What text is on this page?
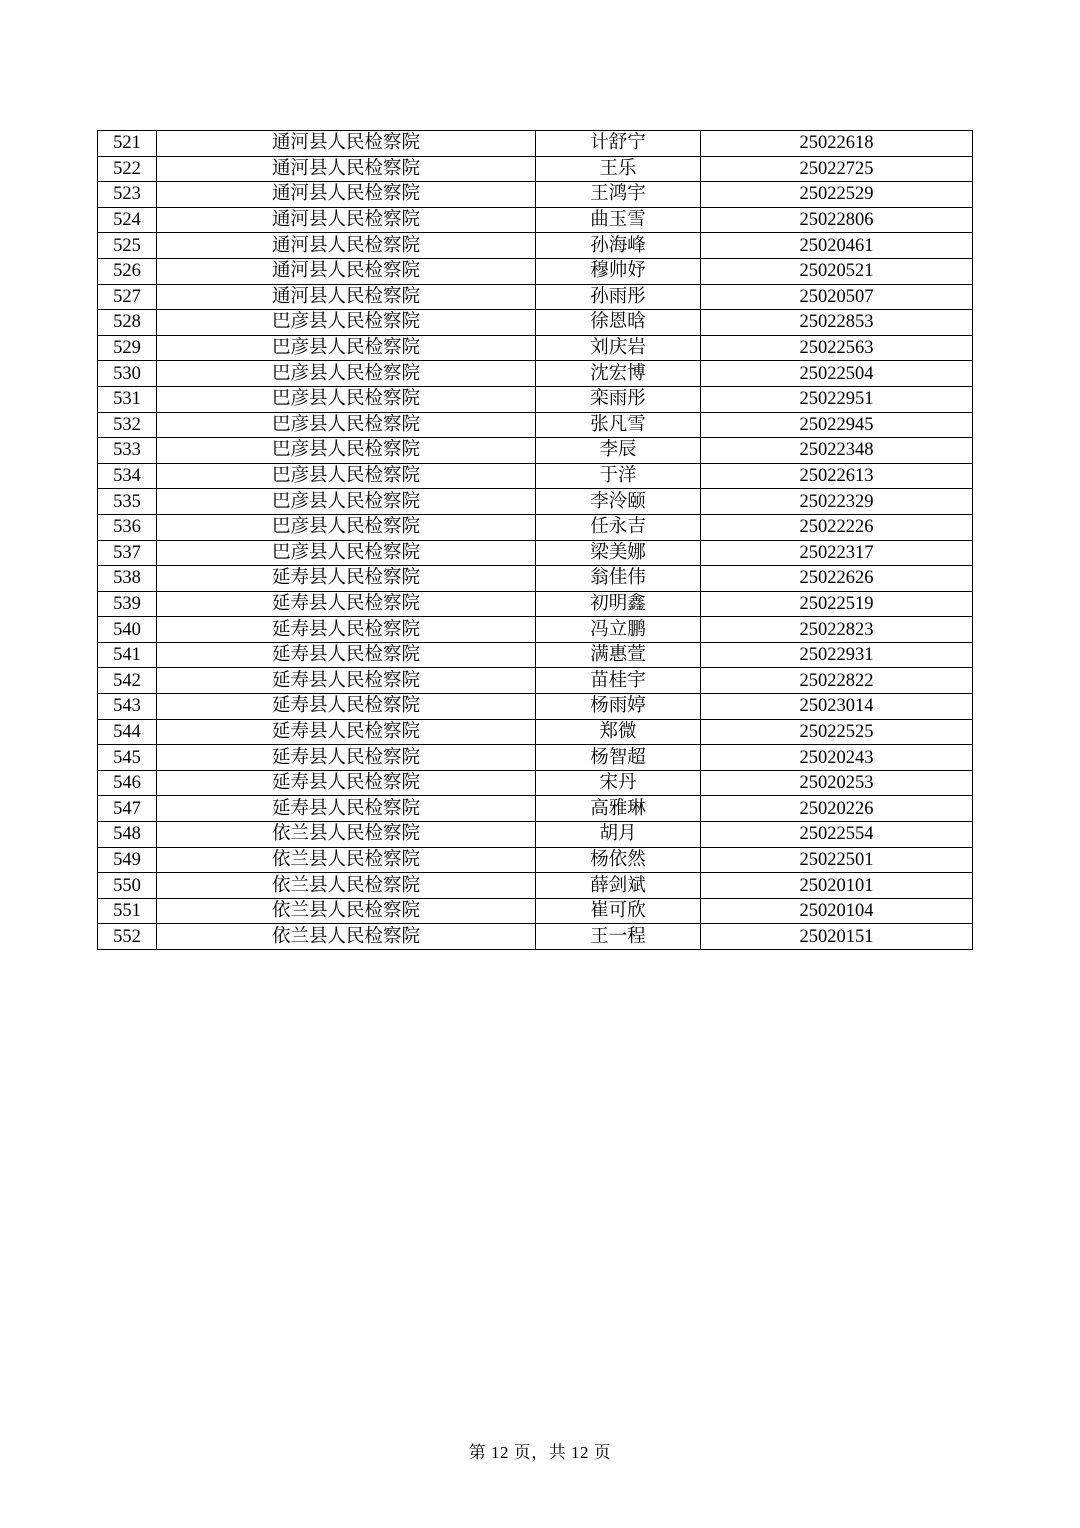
521	通河县人民检察院	计舒宁	25022618
522	通河县人民检察院	王乐	25022725
523	通河县人民检察院	王鸿宇	25022529
524	通河县人民检察院	曲玉雪	25022806
525	通河县人民检察院	孙海峰	25020461
526	通河县人民检察院	穆帅妤	25020521
527	通河县人民检察院	孙雨彤	25020507
528	巴彦县人民检察院	徐恩晗	25022853
529	巴彦县人民检察院	刘庆岩	25022563
530	巴彦县人民检察院	沈宏博	25022504
531	巴彦县人民检察院	栾雨彤	25022951
532	巴彦县人民检察院	张凡雪	25022945
533	巴彦县人民检察院	李辰	25022348
534	巴彦县人民检察院	于洋	25022613
535	巴彦县人民检察院	李泠颐	25022329
536	巴彦县人民检察院	任永吉	25022226
537	巴彦县人民检察院	梁美娜	25022317
538	延寿县人民检察院	翁佳伟	25022626
539	延寿县人民检察院	初明鑫	25022519
540	延寿县人民检察院	冯立鹏	25022823
541	延寿县人民检察院	满惠萱	25022931
542	延寿县人民检察院	苗桂宇	25022822
543	延寿县人民检察院	杨雨婷	25023014
544	延寿县人民检察院	郑微	25022525
545	延寿县人民检察院	杨智超	25020243
546	延寿县人民检察院	宋丹	25020253
547	延寿县人民检察院	高雅琳	25020226
548	依兰县人民检察院	胡月	25022554
549	依兰县人民检察院	杨依然	25022501
550	依兰县人民检察院	薛剑斌	25020101
551	依兰县人民检察院	崔可欣	25020104
552	依兰县人民检察院	王一程	25020151
第 12 页，共 12 页
